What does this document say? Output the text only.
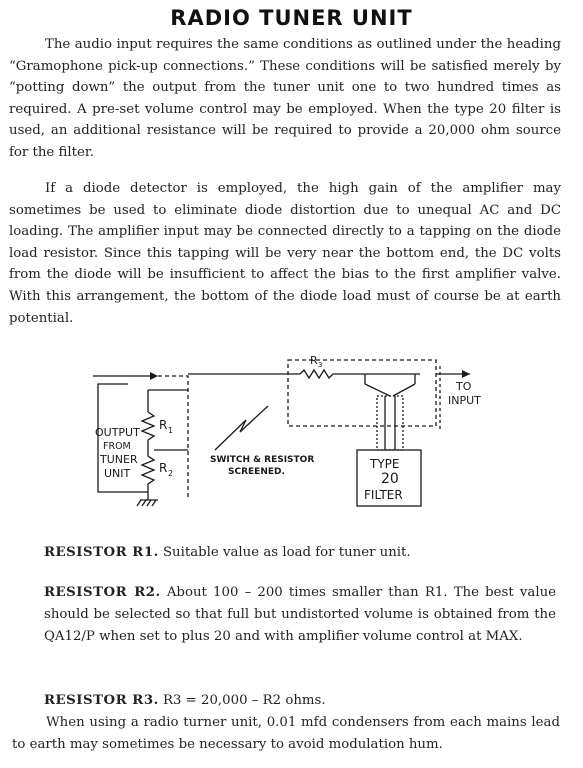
RADIO TUNER UNIT

The audio input requires the same conditions as outlined under the heading “Gramophone pick-up connections.” These conditions will be satisfied merely by “potting down” the output from the tuner unit one to two hundred times as required. A pre-set volume control may be employed. When the type 20 filter is used, an additional resistance will be required to provide a 20,000 ohm source for the filter.

If a diode detector is employed, the high gain of the amplifier may sometimes be used to eliminate diode distortion due to unequal AC and DC loading. The amplifier input may be connected directly to a tapping on the diode load resistor. Since this tapping will be very near the bottom end, the DC volts from the diode will be insufficient to affect the bias to the first amplifier valve. With this arrangement, the bottom of the diode load must of course be at earth potential.

OUTPUT
FROM
TUNER
UNIT
R 1
R 2
R 3
SWITCH & RESISTOR
SCREENED.
TO
INPUT
TYPE
20
FILTER

RESISTOR R1. Suitable value as load for tuner unit.

RESISTOR R2. About 100 – 200 times smaller than R1. The best value should be selected so that full but undistorted volume is obtained from the QA12/P when set to plus 20 and with amplifier volume control at MAX.

RESISTOR R3. R3 = 20,000 – R2 ohms.

When using a radio turner unit, 0.01 mfd condensers from each mains lead to earth may sometimes be necessary to avoid modulation hum.
